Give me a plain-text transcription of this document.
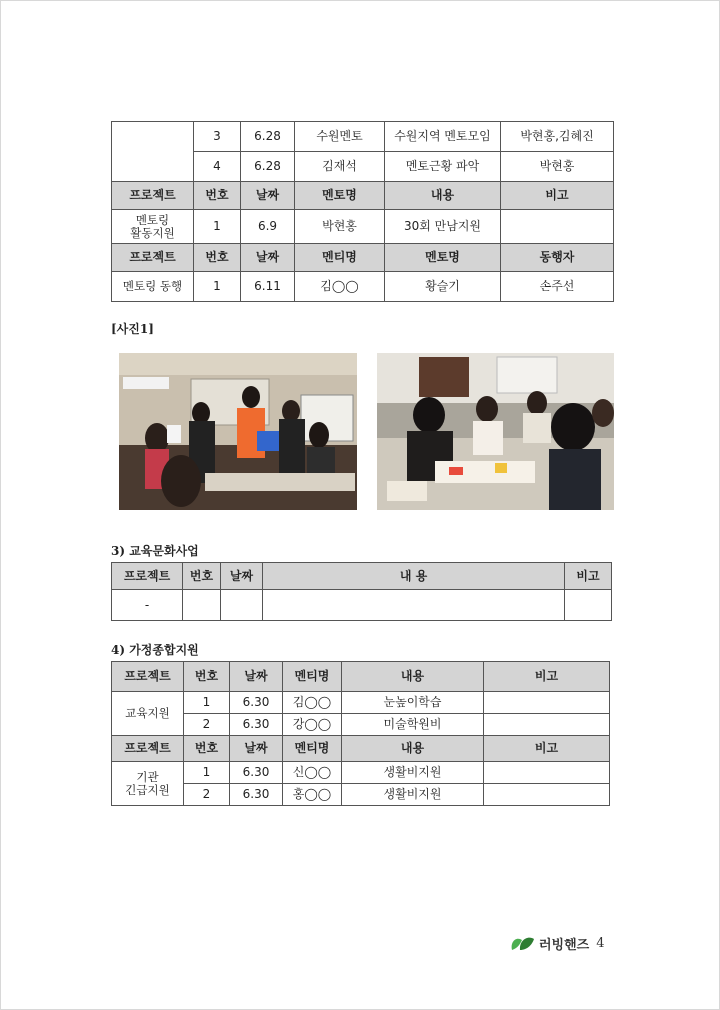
	3	6.28	수원멘토	수원지역 멘토모임	박현홍,김혜진
	4	6.28	김재석	멘토근황 파악	박현홍
프로젝트	번호	날짜	멘토명	내용	비고
멘토링
활동지원	1	6.9	박현홍	30회 만남지원	
프로젝트	번호	날짜	멘티명	멘토명	동행자
멘토링 동행	1	6.11	김◯◯	황슬기	손주선
[사진1]
3) 교육문화사업
프로젝트	번호	날짜	내 용	비고
-				
4) 가정종합지원
프로젝트	번호	날짜	멘티명	내용	비고
교육지원	1	6.30	김◯◯	눈높이학습	
	2	6.30	강◯◯	미술학원비	
프로젝트	번호	날짜	멘티명	내용	비고
기관
긴급지원	1	6.30	신◯◯	생활비지원	
	2	6.30	홍◯◯	생활비지원	
러빙핸즈 4
